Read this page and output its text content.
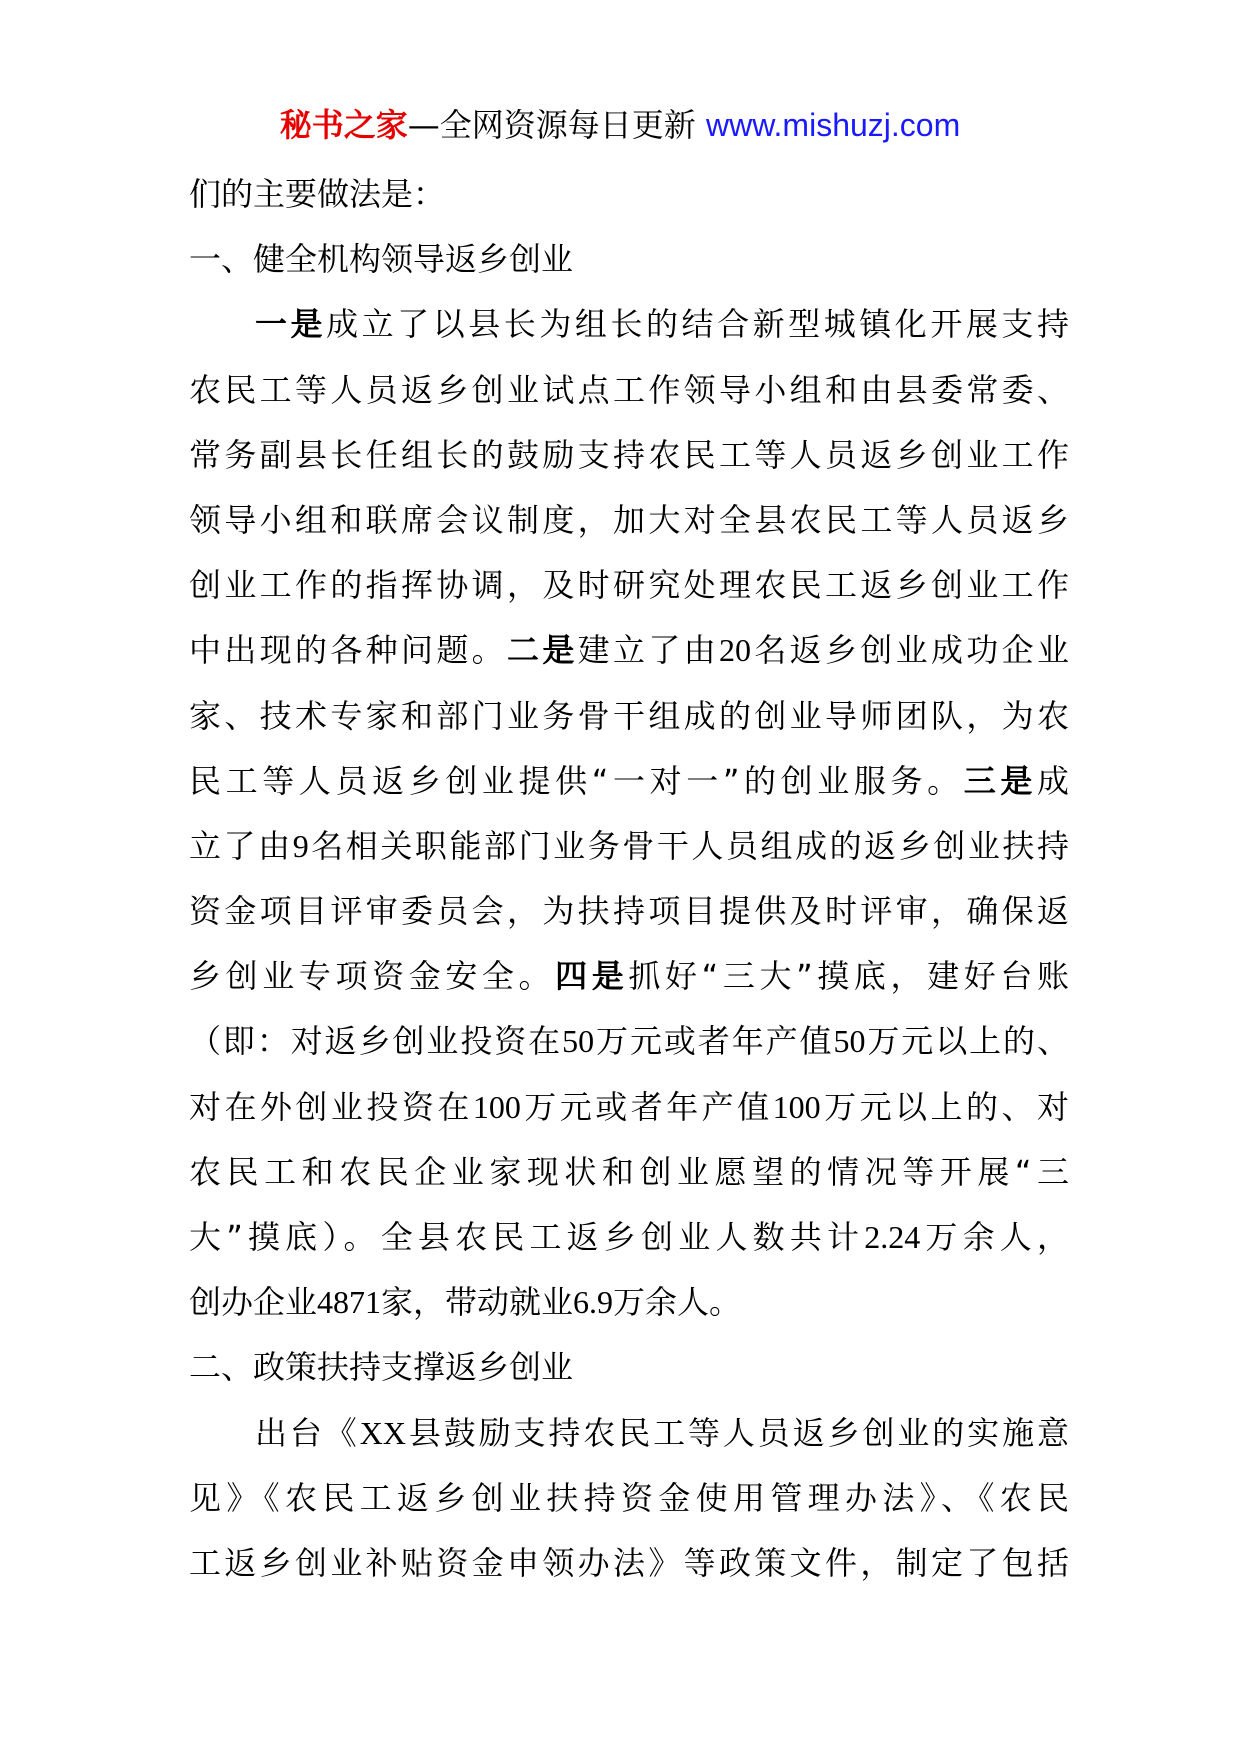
秘书之家—全网资源每日更新 www.mishuzj.com
们的主要做法是：
一、健全机构领导返乡创业
一是成立了以县长为组长的结合新型城镇化开展支持
农民工等人员返乡创业试点工作领导小组和由县委常委、
常务副县长任组长的鼓励支持农民工等人员返乡创业工作
领导小组和联席会议制度，加大对全县农民工等人员返乡
创业工作的指挥协调，及时研究处理农民工返乡创业工作
中出现的各种问题。二是建立了由20名返乡创业成功企业
家、技术专家和部门业务骨干组成的创业导师团队，为农
民工等人员返乡创业提供“一对一”的创业服务。三是成
立了由9名相关职能部门业务骨干人员组成的返乡创业扶持
资金项目评审委员会，为扶持项目提供及时评审，确保返
乡创业专项资金安全。四是抓好“三大”摸底，建好台账
（即：对返乡创业投资在50万元或者年产值50万元以上的、
对在外创业投资在100万元或者年产值100万元以上的、对
农民工和农民企业家现状和创业愿望的情况等开展“三
大”摸底）。全县农民工返乡创业人数共计2.24万余人，
创办企业4871家，带动就业6.9万余人。
二、政策扶持支撑返乡创业
出台《XX县鼓励支持农民工等人员返乡创业的实施意
见》《农民工返乡创业扶持资金使用管理办法》、《农民
工返乡创业补贴资金申领办法》等政策文件，制定了包括
